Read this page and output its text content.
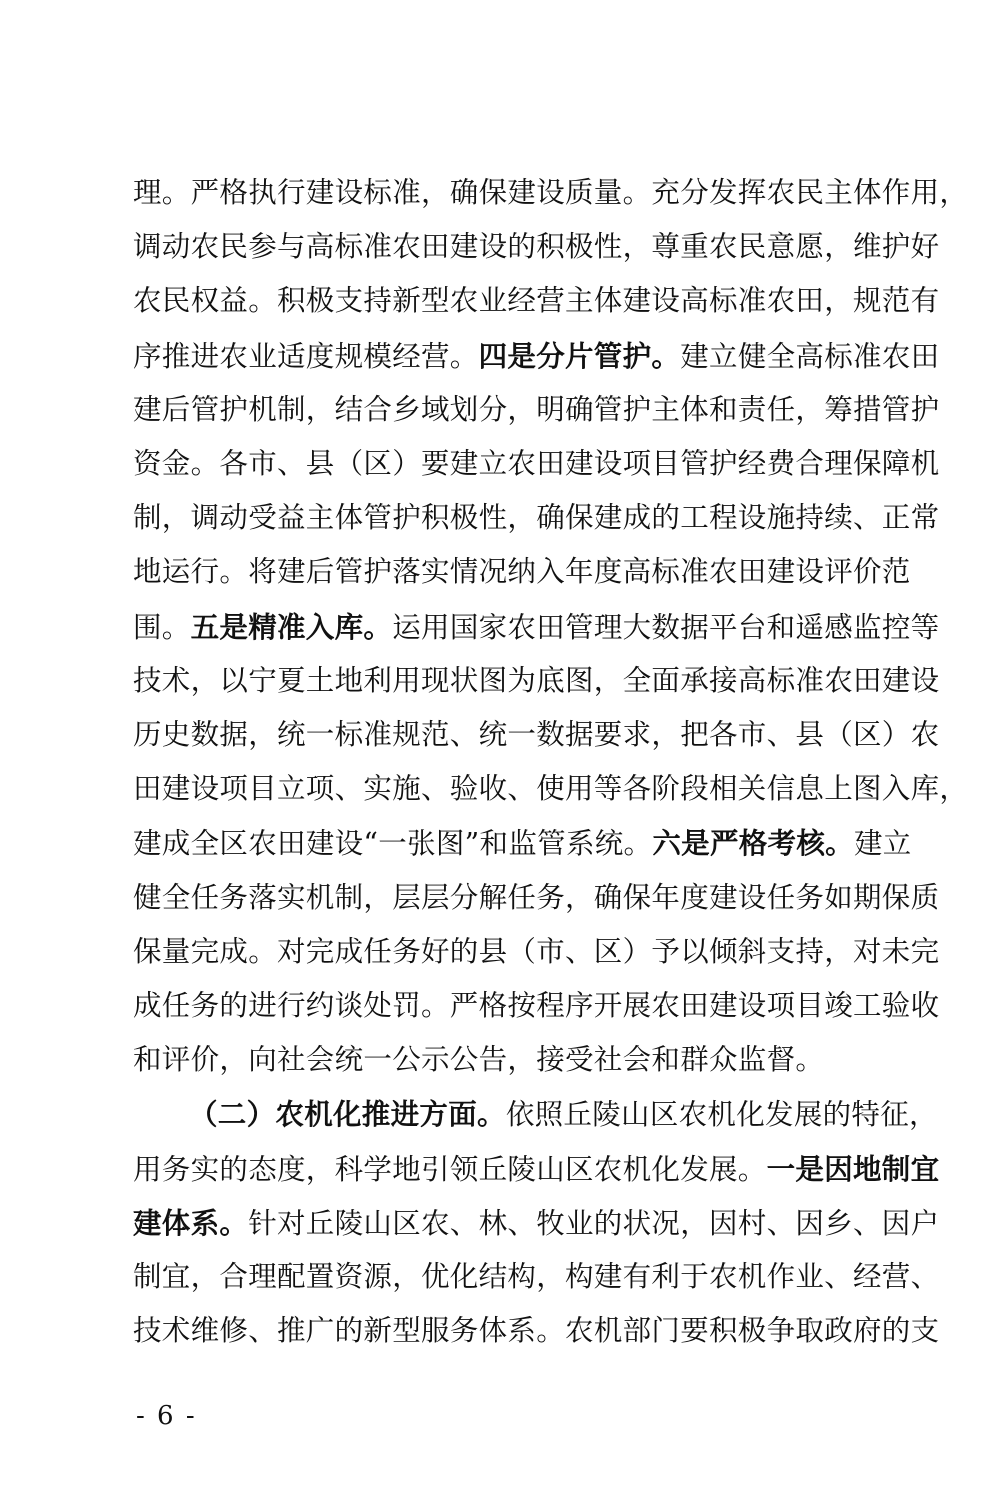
理。严格执行建设标准，确保建设质量。充分发挥农民主体作用，
调动农民参与高标准农田建设的积极性，尊重农民意愿，维护好
农民权益。积极支持新型农业经营主体建设高标准农田，规范有
序推进农业适度规模经营。四是分片管护。建立健全高标准农田
建后管护机制，结合乡域划分，明确管护主体和责任，筹措管护
资金。各市、县（区）要建立农田建设项目管护经费合理保障机
制，调动受益主体管护积极性，确保建成的工程设施持续、正常
地运行。将建后管护落实情况纳入年度高标准农田建设评价范
围。五是精准入库。运用国家农田管理大数据平台和遥感监控等
技术，以宁夏土地利用现状图为底图，全面承接高标准农田建设
历史数据，统一标准规范、统一数据要求，把各市、县（区）农
田建设项目立项、实施、验收、使用等各阶段相关信息上图入库，
建成全区农田建设“一张图”和监管系统。六是严格考核。建立
健全任务落实机制，层层分解任务，确保年度建设任务如期保质
保量完成。对完成任务好的县（市、区）予以倾斜支持，对未完
成任务的进行约谈处罚。严格按程序开展农田建设项目竣工验收
和评价，向社会统一公示公告，接受社会和群众监督。
（二）农机化推进方面。依照丘陵山区农机化发展的特征，
用务实的态度，科学地引领丘陵山区农机化发展。一是因地制宜
建体系。针对丘陵山区农、林、牧业的状况，因村、因乡、因户
制宜，合理配置资源，优化结构，构建有利于农机作业、经营、
技术维修、推广的新型服务体系。农机部门要积极争取政府的支
- 6 -
